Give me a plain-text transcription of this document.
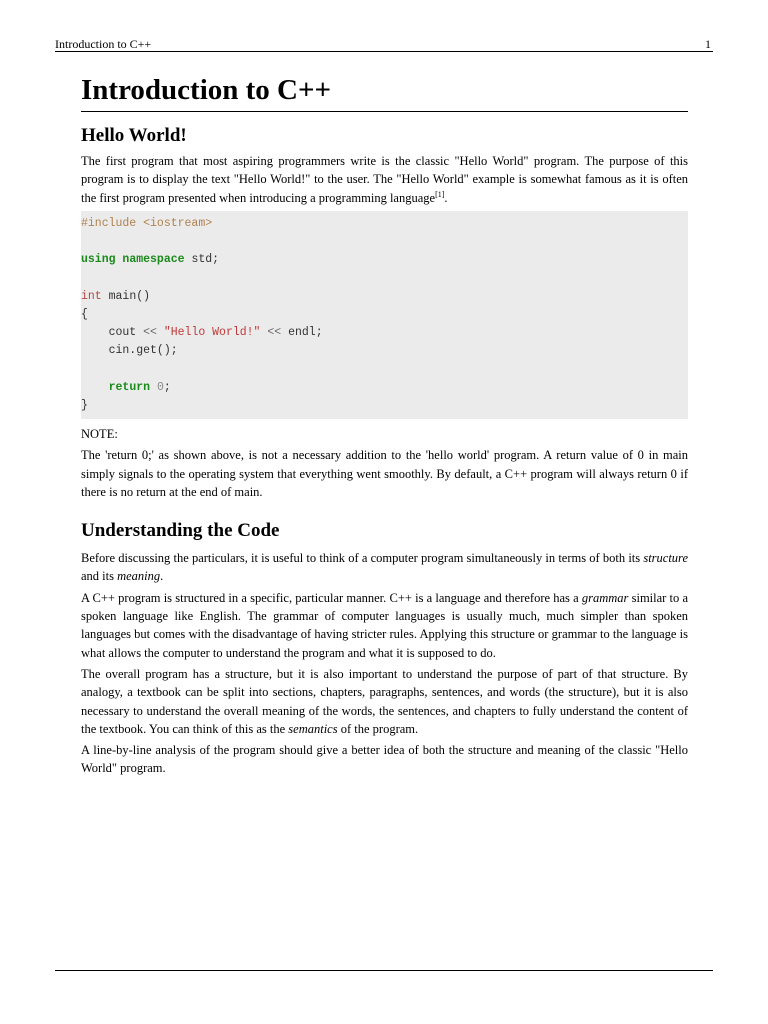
Introduction to C++	1
Introduction to C++
Hello World!

The first program that most aspiring programmers write is the classic "Hello World" program. The purpose of this program is to display the text "Hello World!" to the user. The "Hello World" example is somewhat famous as it is often the first program presented when introducing a programming language[1].

#include <iostream>

using namespace std;

int main()
{
cout << "Hello World!" << endl;
cin.get();

return 0;
}

NOTE:

The 'return 0;' as shown above, is not a necessary addition to the 'hello world' program. A return value of 0 in main simply signals to the operating system that everything went smoothly. By default, a C++ program will always return 0 if there is no return at the end of main.

Understanding the Code

Before discussing the particulars, it is useful to think of a computer program simultaneously in terms of both its structure and its meaning.

A C++ program is structured in a specific, particular manner. C++ is a language and therefore has a grammar similar to a spoken language like English. The grammar of computer languages is usually much, much simpler than spoken languages but comes with the disadvantage of having stricter rules. Applying this structure or grammar to the language is what allows the computer to understand the program and what it is supposed to do.

The overall program has a structure, but it is also important to understand the purpose of part of that structure. By analogy, a textbook can be split into sections, chapters, paragraphs, sentences, and words (the structure), but it is also necessary to understand the overall meaning of the words, the sentences, and chapters to fully understand the content of the textbook. You can think of this as the semantics of the program.

A line-by-line analysis of the program should give a better idea of both the structure and meaning of the classic "Hello World" program.
